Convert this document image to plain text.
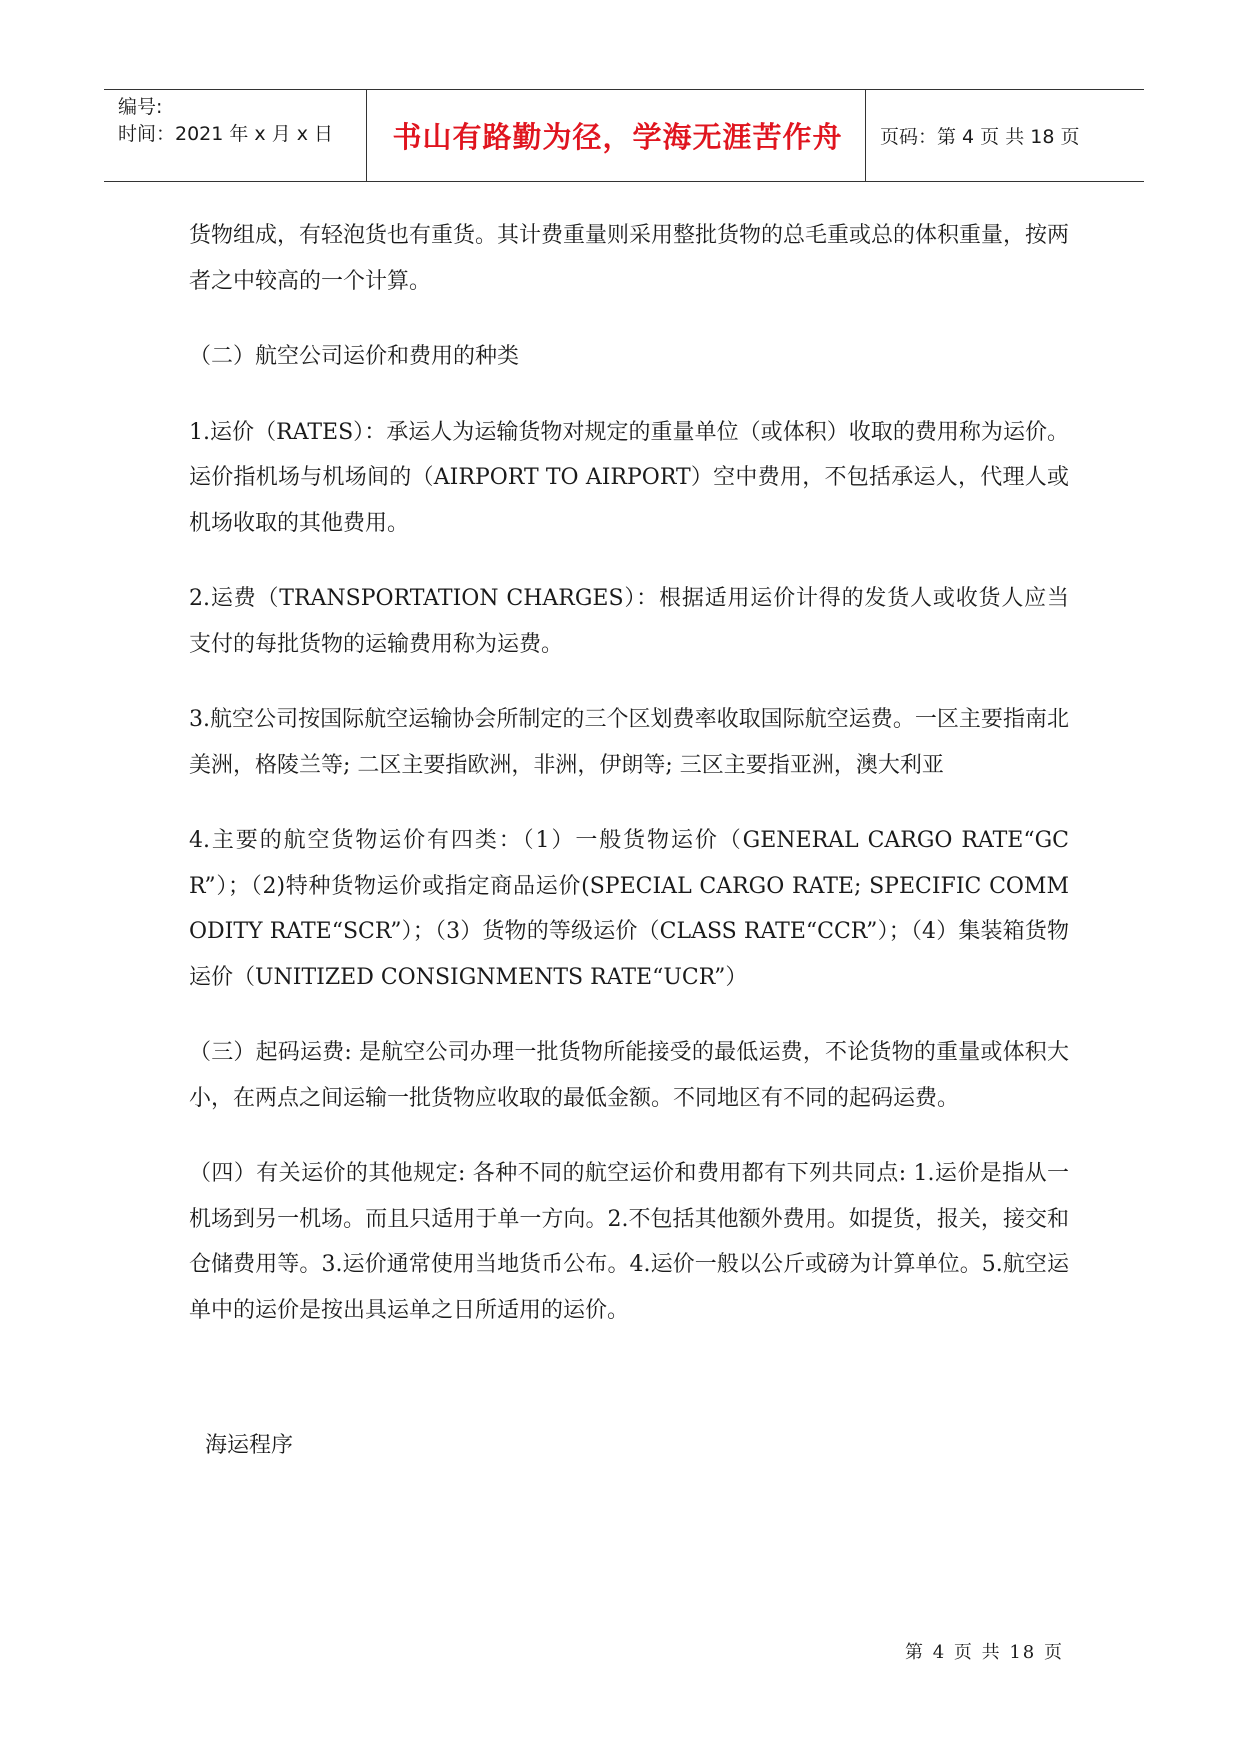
编号:
时间：2021 年 x 月 x 日	书山有路勤为径，学海无涯苦作舟 页码：第 4 页 共 18 页

货物组成，有轻泡货也有重货。其计费重量则采用整批货物的总毛重或总的体积重量，按两者之中较高的一个计算。

（二）航空公司运价和费用的种类

1.运价（RATES）：承运人为运输货物对规定的重量单位（或体积）收取的费用称为运价。运价指机场与机场间的（AIRPORT TO AIRPORT）空中费用，不包括承运人，代理人或机场收取的其他费用。

2.运费（TRANSPORTATION CHARGES）：根据适用运价计得的发货人或收货人应当支付的每批货物的运输费用称为运费。

3.航空公司按国际航空运输协会所制定的三个区划费率收取国际航空运费。一区主要指南北美洲，格陵兰等; 二区主要指欧洲，非洲，伊朗等; 三区主要指亚洲，澳大利亚

4.主要的航空货物运价有四类：（1）一般货物运价（GENERAL CARGO RATE“GCR”）；（2)特种货物运价或指定商品运价(SPECIAL CARGO RATE; SPECIFIC COMMODITY RATE“SCR”）；（3）货物的等级运价（CLASS RATE“CCR”）；（4）集装箱货物运价（UNITIZED CONSIGNMENTS RATE“UCR”）

（三）起码运费: 是航空公司办理一批货物所能接受的最低运费，不论货物的重量或体积大小，在两点之间运输一批货物应收取的最低金额。不同地区有不同的起码运费。

（四）有关运价的其他规定: 各种不同的航空运价和费用都有下列共同点: 1.运价是指从一机场到另一机场。而且只适用于单一方向。2.不包括其他额外费用。如提货，报关，接交和仓储费用等。3.运价通常使用当地货币公布。4.运价一般以公斤或磅为计算单位。5.航空运单中的运价是按出具运单之日所适用的运价。

海运程序
第 4 页 共 18 页
